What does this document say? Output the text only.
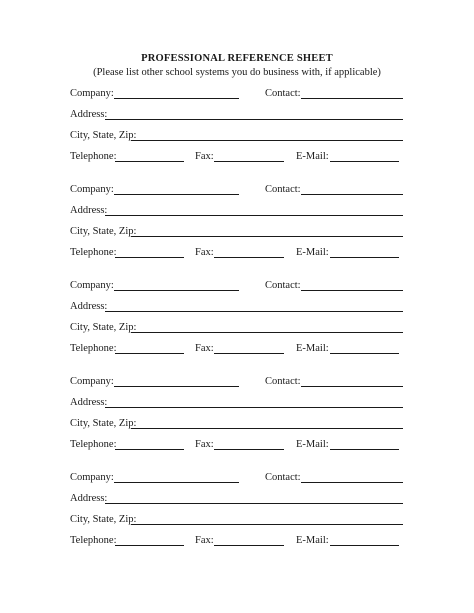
PROFESSIONAL REFERENCE SHEET
(Please list other school systems you do business with, if applicable)
Company:	Contact:
Address:
City, State, Zip:
Telephone:	Fax:	E-Mail:
Company:	Contact:
Address:
City, State, Zip:
Telephone:	Fax:	E-Mail:
Company:	Contact:
Address:
City, State, Zip:
Telephone:	Fax:	E-Mail:
Company:	Contact:
Address:
City, State, Zip:
Telephone:	Fax:	E-Mail:
Company:	Contact:
Address:
City, State, Zip:
Telephone:	Fax:	E-Mail:
